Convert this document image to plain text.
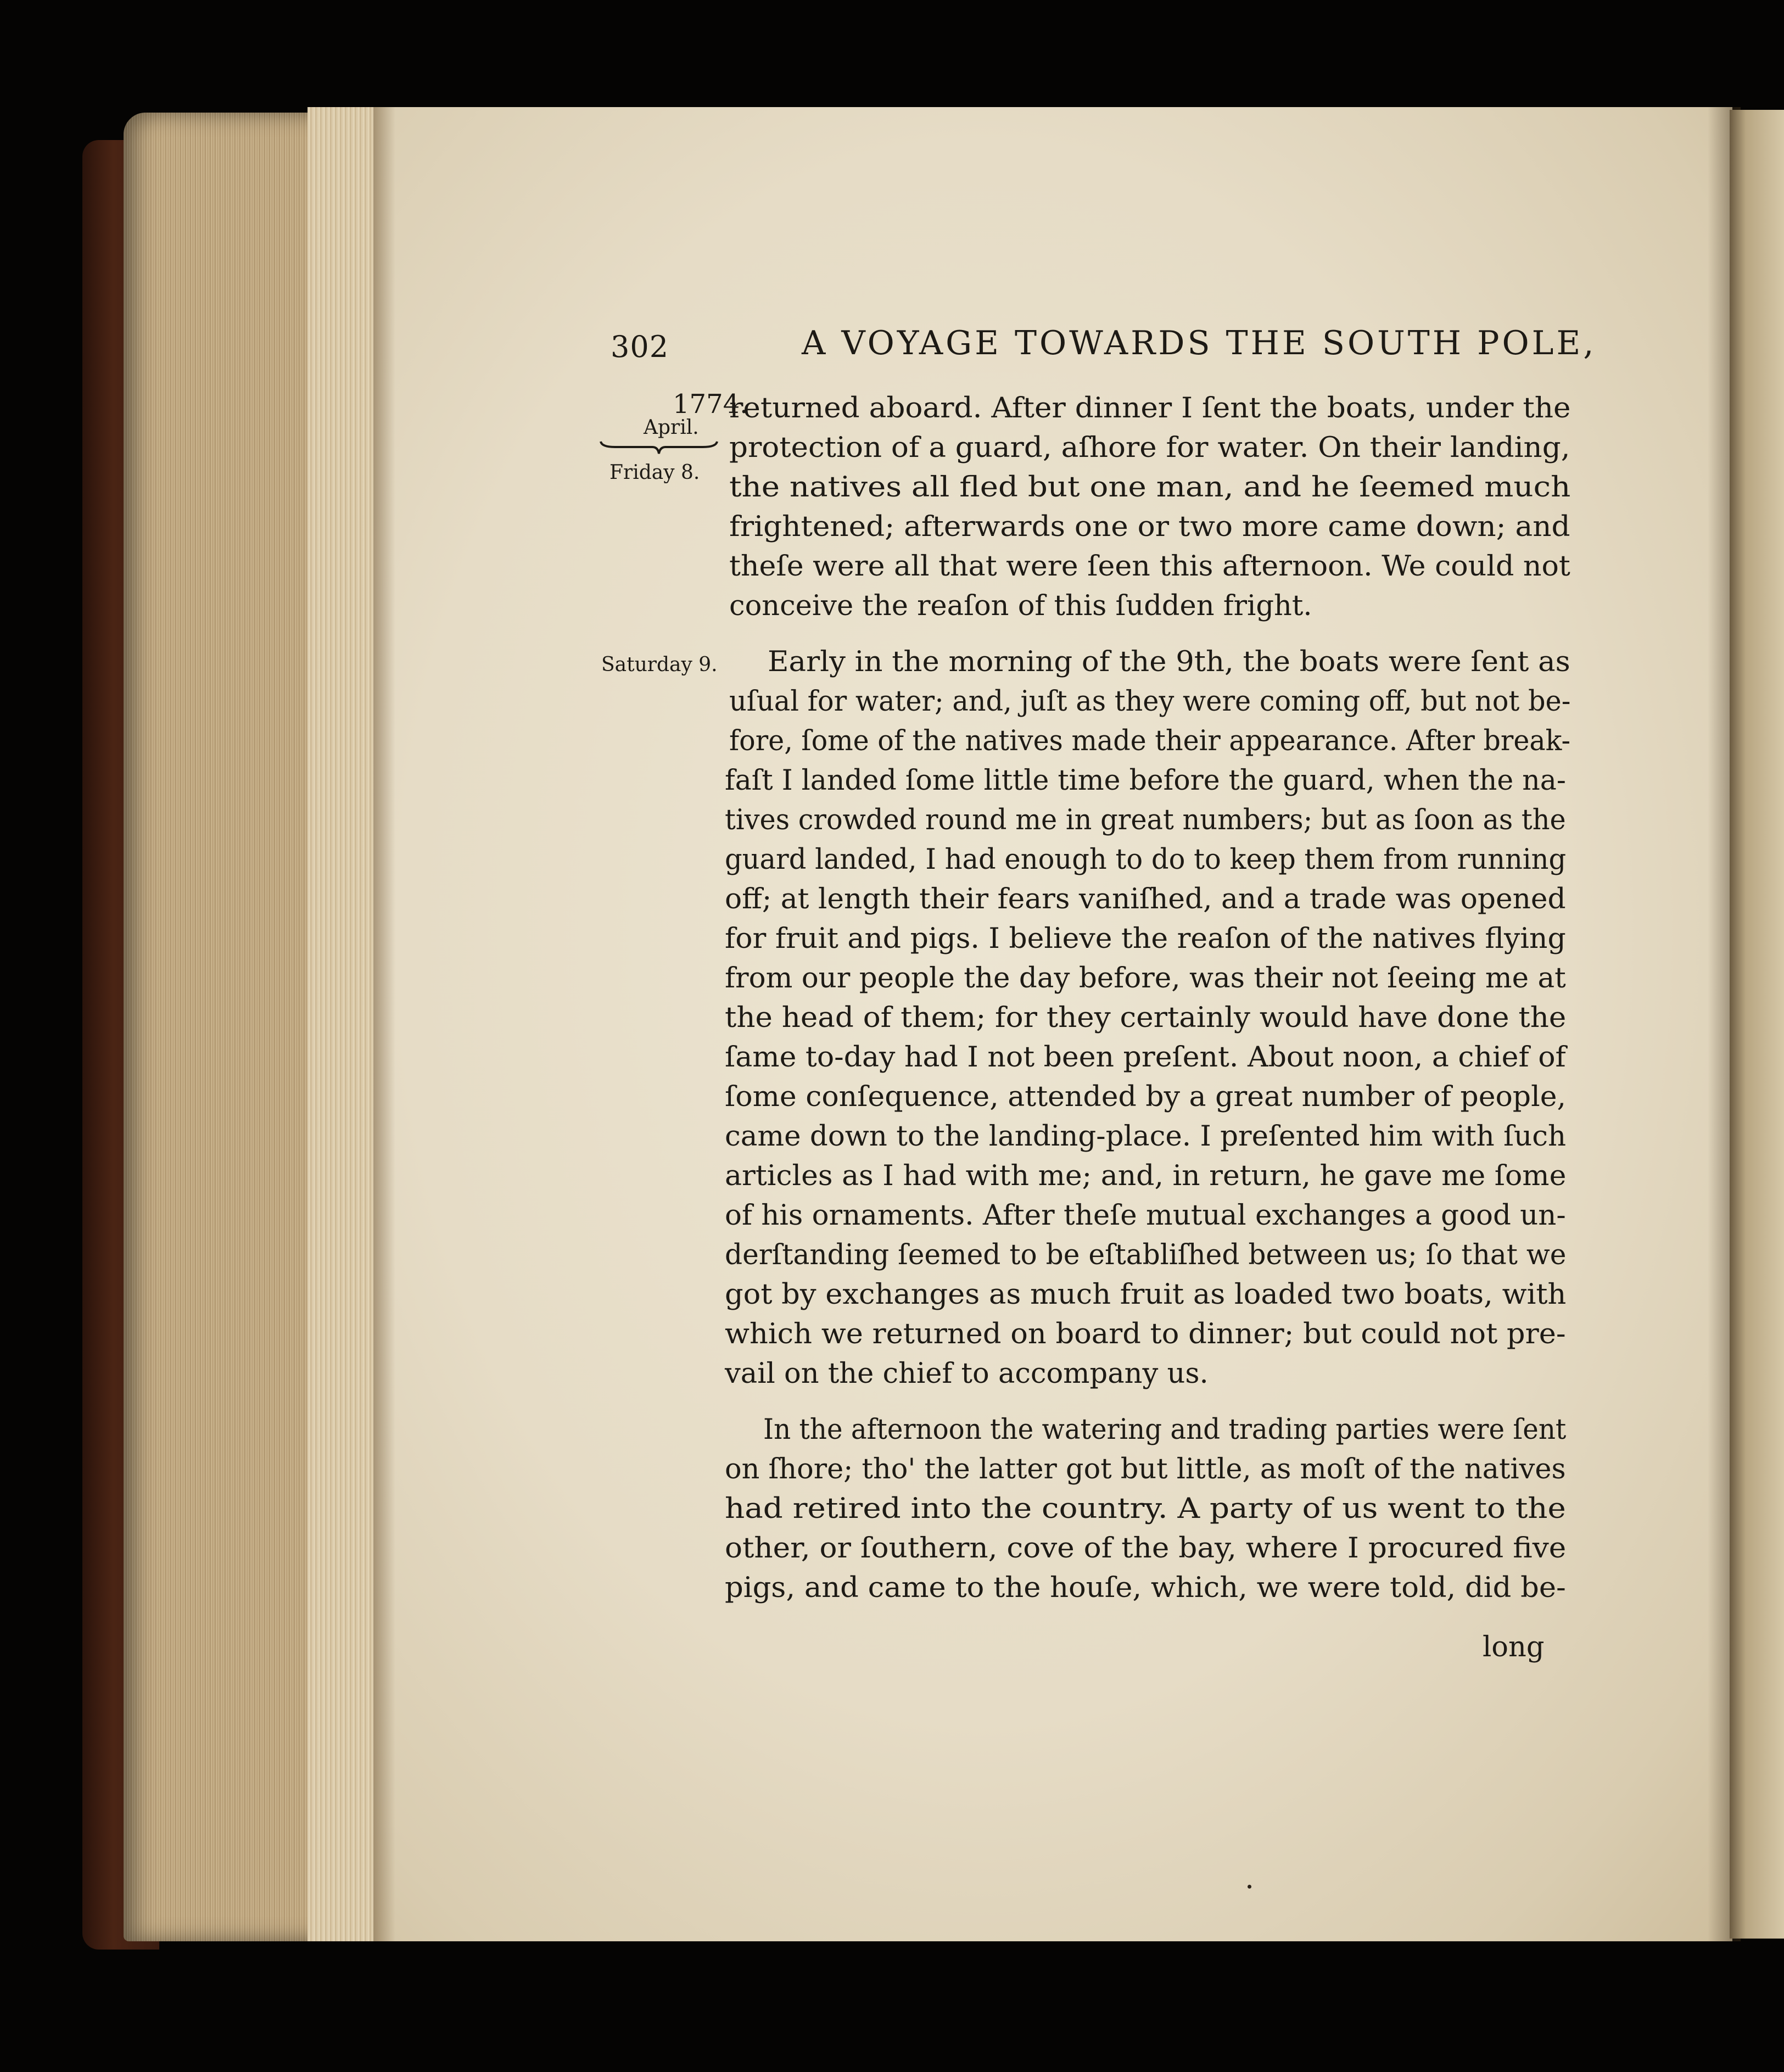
302	A VOYAGE TOWARDS THE SOUTH POLE,
1774.
April.
Friday 8.
Saturday 9.
returned aboard. After dinner I ſent the boats, under the
protection of a guard, aſhore for water. On their landing,
the natives all fled but one man, and he ſeemed much
frightened; afterwards one or two more came down; and
theſe were all that were ſeen this afternoon. We could not
conceive the reaſon of this ſudden fright.
Early in the morning of the 9th, the boats were ſent as
uſual for water; and, juſt as they were coming off, but not be-
fore, ſome of the natives made their appearance. After break-
faſt I landed ſome little time before the guard, when the na-
tives crowded round me in great numbers; but as ſoon as the
guard landed, I had enough to do to keep them from running
off; at length their fears vaniſhed, and a trade was opened
for fruit and pigs. I believe the reaſon of the natives flying
from our people the day before, was their not ſeeing me at
the head of them; for they certainly would have done the
ſame to-day had I not been preſent. About noon, a chief of
ſome conſequence, attended by a great number of people,
came down to the landing-place. I preſented him with ſuch
articles as I had with me; and, in return, he gave me ſome
of his ornaments. After theſe mutual exchanges a good un-
derſtanding ſeemed to be eſtabliſhed between us; ſo that we
got by exchanges as much fruit as loaded two boats, with
which we returned on board to dinner; but could not pre-
vail on the chief to accompany us.
In the afternoon the watering and trading parties were ſent
on ſhore; tho' the latter got but little, as moſt of the natives
had retired into the country. A party of us went to the
other, or ſouthern, cove of the bay, where I procured five
pigs, and came to the houſe, which, we were told, did be-
long
